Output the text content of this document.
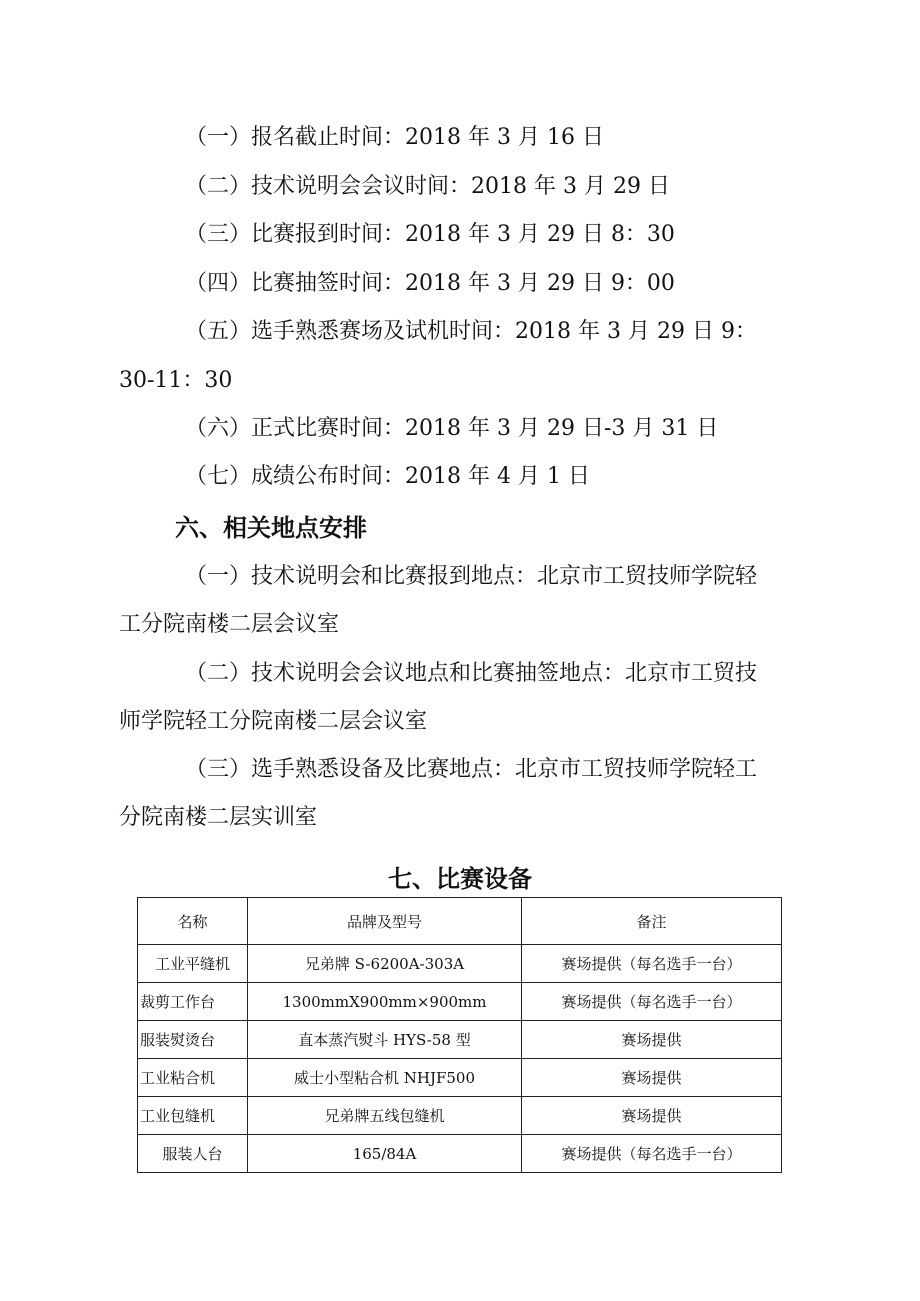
（一）报名截止时间：2018 年 3 月 16 日
（二）技术说明会会议时间：2018 年 3 月 29 日
（三）比赛报到时间：2018 年 3 月 29 日 8：30
（四）比赛抽签时间：2018 年 3 月 29 日 9：00
（五）选手熟悉赛场及试机时间：2018 年 3 月 29 日 9：
30-11：30
（六）正式比赛时间：2018 年 3 月 29 日-3 月 31 日
（七）成绩公布时间：2018 年 4 月 1 日
六、相关地点安排
（一）技术说明会和比赛报到地点：北京市工贸技师学院轻
工分院南楼二层会议室
（二）技术说明会会议地点和比赛抽签地点：北京市工贸技
师学院轻工分院南楼二层会议室
（三）选手熟悉设备及比赛地点：北京市工贸技师学院轻工
分院南楼二层实训室
七、比赛设备
名称	品牌及型号	备注
工业平缝机	兄弟牌 S-6200A-303A	赛场提供（每名选手一台）
裁剪工作台	1300mmX900mm×900mm	赛场提供（每名选手一台）
服装熨烫台	直本蒸汽熨斗 HYS-58 型	赛场提供
工业粘合机	威士小型粘合机 NHJF500	赛场提供
工业包缝机	兄弟牌五线包缝机	赛场提供
服装人台	165/84A	赛场提供（每名选手一台）
